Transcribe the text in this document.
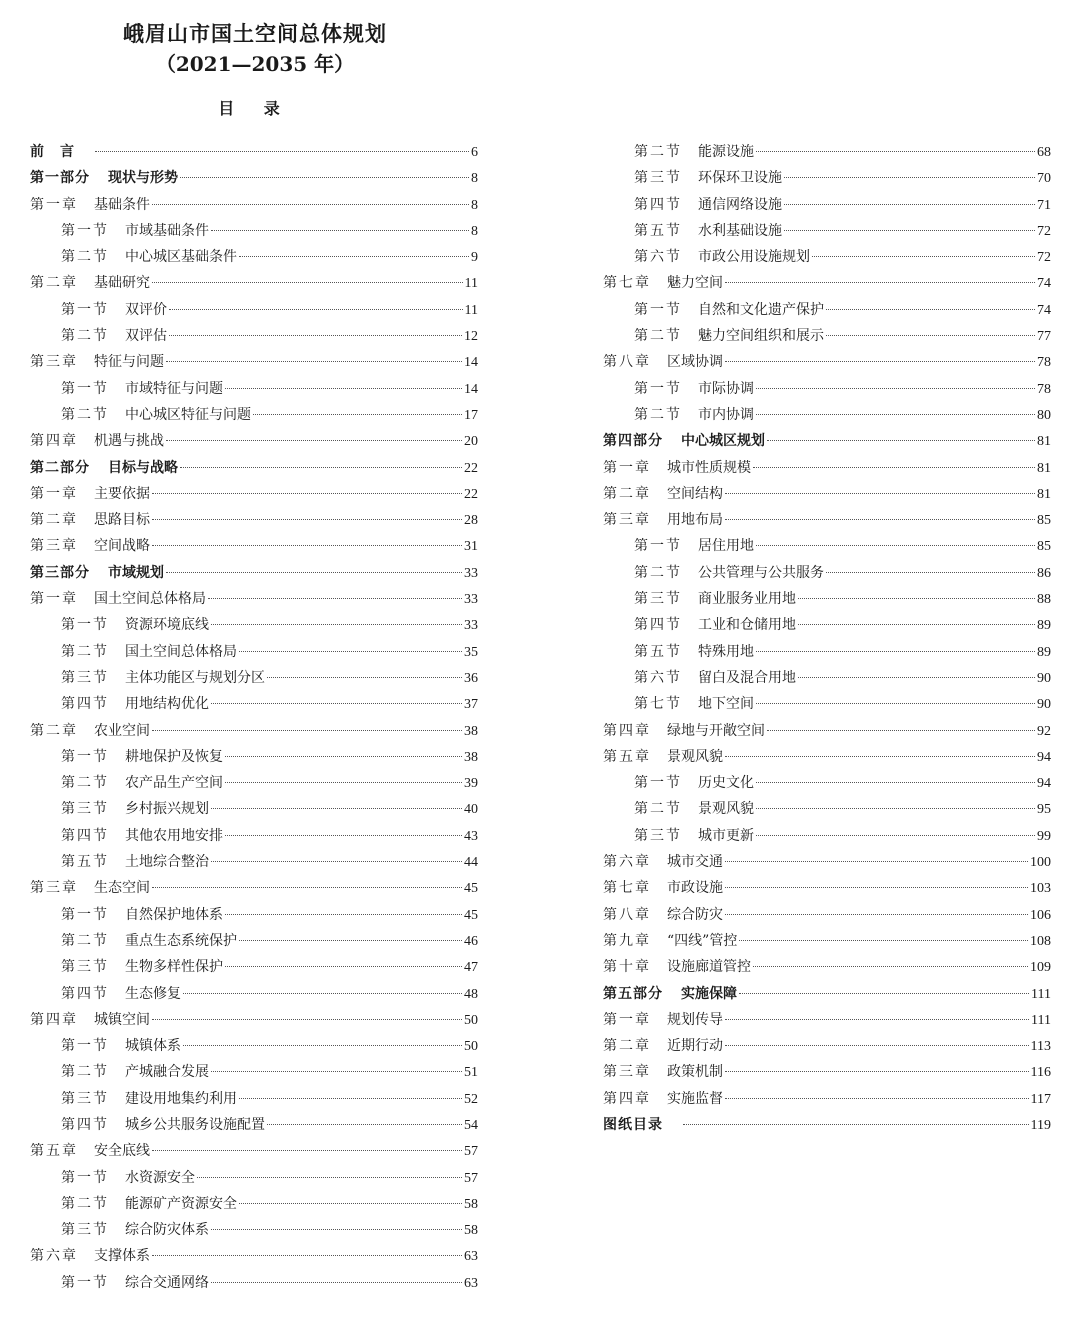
峨眉山市国土空间总体规划
（2021—2035 年）
目 录
前　言	6
第一部分 现状与形势	8
第一章 基础条件	8
第一节 市域基础条件	8
第二节 中心城区基础条件	9
第二章 基础研究	11
第一节 双评价	11
第二节 双评估	12
第三章 特征与问题	14
第一节 市域特征与问题	14
第二节 中心城区特征与问题	17
第四章 机遇与挑战	20
第二部分 目标与战略	22
第一章 主要依据	22
第二章 思路目标	28
第三章 空间战略	31
第三部分 市域规划	33
第一章 国土空间总体格局	33
第一节 资源环境底线	33
第二节 国土空间总体格局	35
第三节 主体功能区与规划分区	36
第四节 用地结构优化	37
第二章 农业空间	38
第一节 耕地保护及恢复	38
第二节 农产品生产空间	39
第三节 乡村振兴规划	40
第四节 其他农用地安排	43
第五节 土地综合整治	44
第三章 生态空间	45
第一节 自然保护地体系	45
第二节 重点生态系统保护	46
第三节 生物多样性保护	47
第四节 生态修复	48
第四章 城镇空间	50
第一节 城镇体系	50
第二节 产城融合发展	51
第三节 建设用地集约利用	52
第四节 城乡公共服务设施配置	54
第五章 安全底线	57
第一节 水资源安全	57
第二节 能源矿产资源安全	58
第三节 综合防灾体系	58
第六章 支撑体系	63
第一节 综合交通网络	63
第二节 能源设施	68
第三节 环保环卫设施	70
第四节 通信网络设施	71
第五节 水利基础设施	72
第六节 市政公用设施规划	72
第七章 魅力空间	74
第一节 自然和文化遗产保护	74
第二节 魅力空间组织和展示	77
第八章 区域协调	78
第一节 市际协调	78
第二节 市内协调	80
第四部分 中心城区规划	81
第一章 城市性质规模	81
第二章 空间结构	81
第三章 用地布局	85
第一节 居住用地	85
第二节 公共管理与公共服务	86
第三节 商业服务业用地	88
第四节 工业和仓储用地	89
第五节 特殊用地	89
第六节 留白及混合用地	90
第七节 地下空间	90
第四章 绿地与开敞空间	92
第五章 景观风貌	94
第一节 历史文化	94
第二节 景观风貌	95
第三节 城市更新	99
第六章 城市交通	100
第七章 市政设施	103
第八章 综合防灾	106
第九章 “四线”管控	108
第十章 设施廊道管控	109
第五部分 实施保障	111
第一章 规划传导	111
第二章 近期行动	113
第三章 政策机制	116
第四章 实施监督	117
图纸目录	119
